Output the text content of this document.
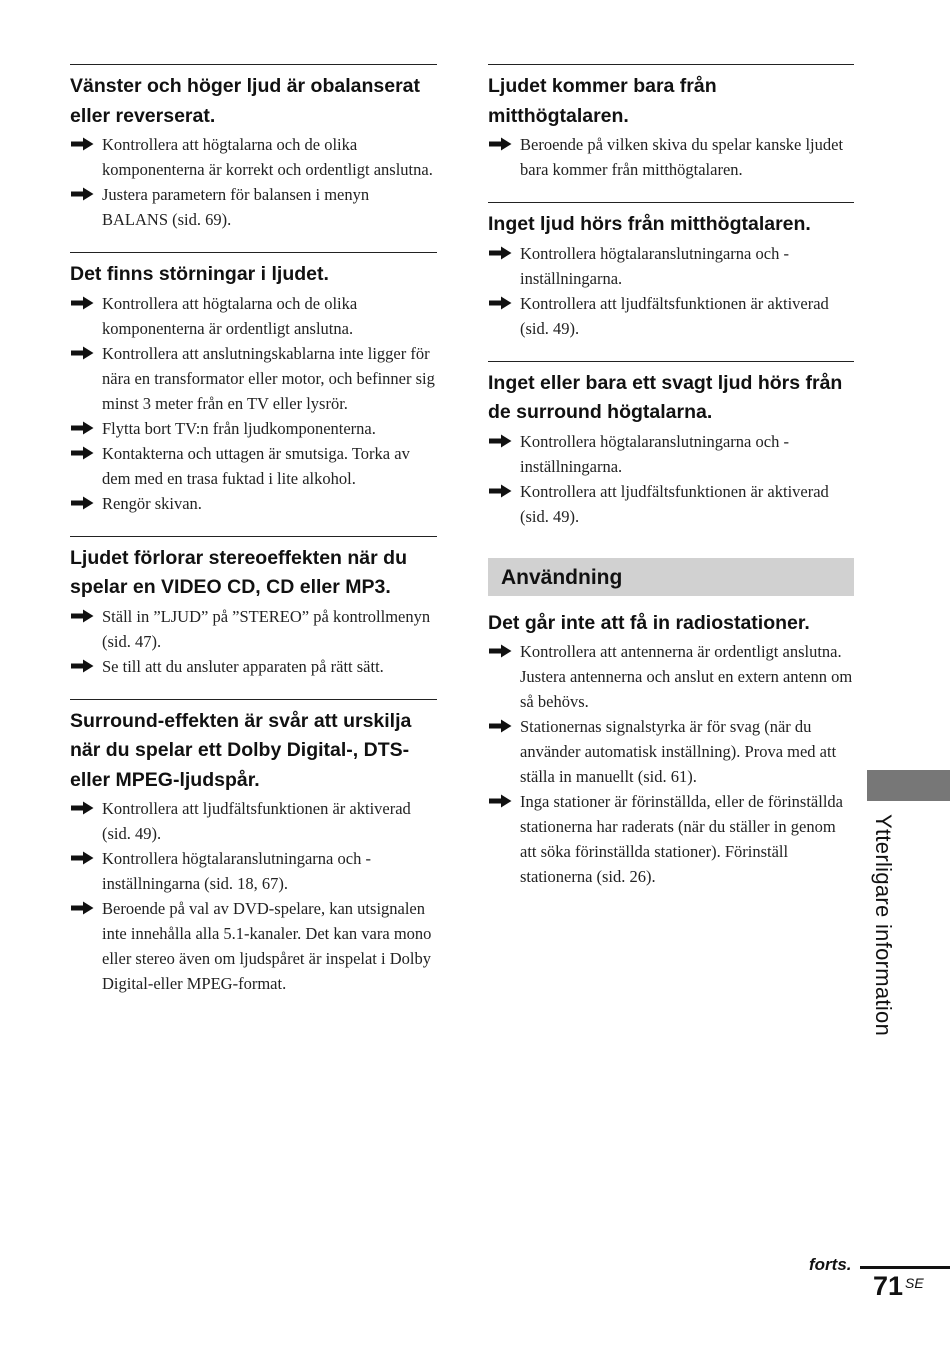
Vänster och höger ljud är obalanserat eller reverserat.
Kontrollera att högtalarna och de olika komponenterna är korrekt och ordentligt anslutna.
Justera parametern för balansen i menyn BALANS (sid. 69).
Det finns störningar i ljudet.
Kontrollera att högtalarna och de olika komponenterna är ordentligt anslutna.
Kontrollera att anslutningskablarna inte ligger för nära en transformator eller motor, och befinner sig minst 3 meter från en TV eller lysrör.
Flytta bort TV:n från ljudkomponenterna.
Kontakterna och uttagen är smutsiga. Torka av dem med en trasa fuktad i lite alkohol.
Rengör skivan.
Ljudet förlorar stereoeffekten när du spelar en VIDEO CD, CD eller MP3.
Ställ in ”LJUD” på ”STEREO” på kontrollmenyn (sid. 47).
Se till att du ansluter apparaten på rätt sätt.
Surround-effekten är svår att urskilja när du spelar ett Dolby Digital-, DTS- eller MPEG-ljudspår.
Kontrollera att ljudfältsfunktionen är aktiverad (sid. 49).
Kontrollera högtalaranslutningarna och -inställningarna (sid. 18, 67).
Beroende på val av DVD-spelare, kan utsignalen inte innehålla alla 5.1-kanaler. Det kan vara mono eller stereo även om ljudspåret är inspelat i Dolby Digital-eller MPEG-format.
Ljudet kommer bara från mitthögtalaren.
Beroende på vilken skiva du spelar kanske ljudet bara kommer från mitthögtalaren.
Inget ljud hörs från mitthögtalaren.
Kontrollera högtalaranslutningarna och -inställningarna.
Kontrollera att ljudfältsfunktionen är aktiverad (sid. 49).
Inget eller bara ett svagt ljud hörs från de surround högtalarna.
Kontrollera högtalaranslutningarna och -inställningarna.
Kontrollera att ljudfältsfunktionen är aktiverad (sid. 49).
Användning
Det går inte att få in radiostationer.
Kontrollera att antennerna är ordentligt anslutna. Justera antennerna och anslut en extern antenn om så behövs.
Stationernas signalstyrka är för svag (när du använder automatisk inställning). Prova med att ställa in manuellt (sid. 61).
Inga stationer är förinställda, eller de förinställda stationerna har raderats (när du ställer in genom att söka förinställda stationer). Förinställ stationerna (sid. 26).	Ytterligare information
forts.
71 SE
